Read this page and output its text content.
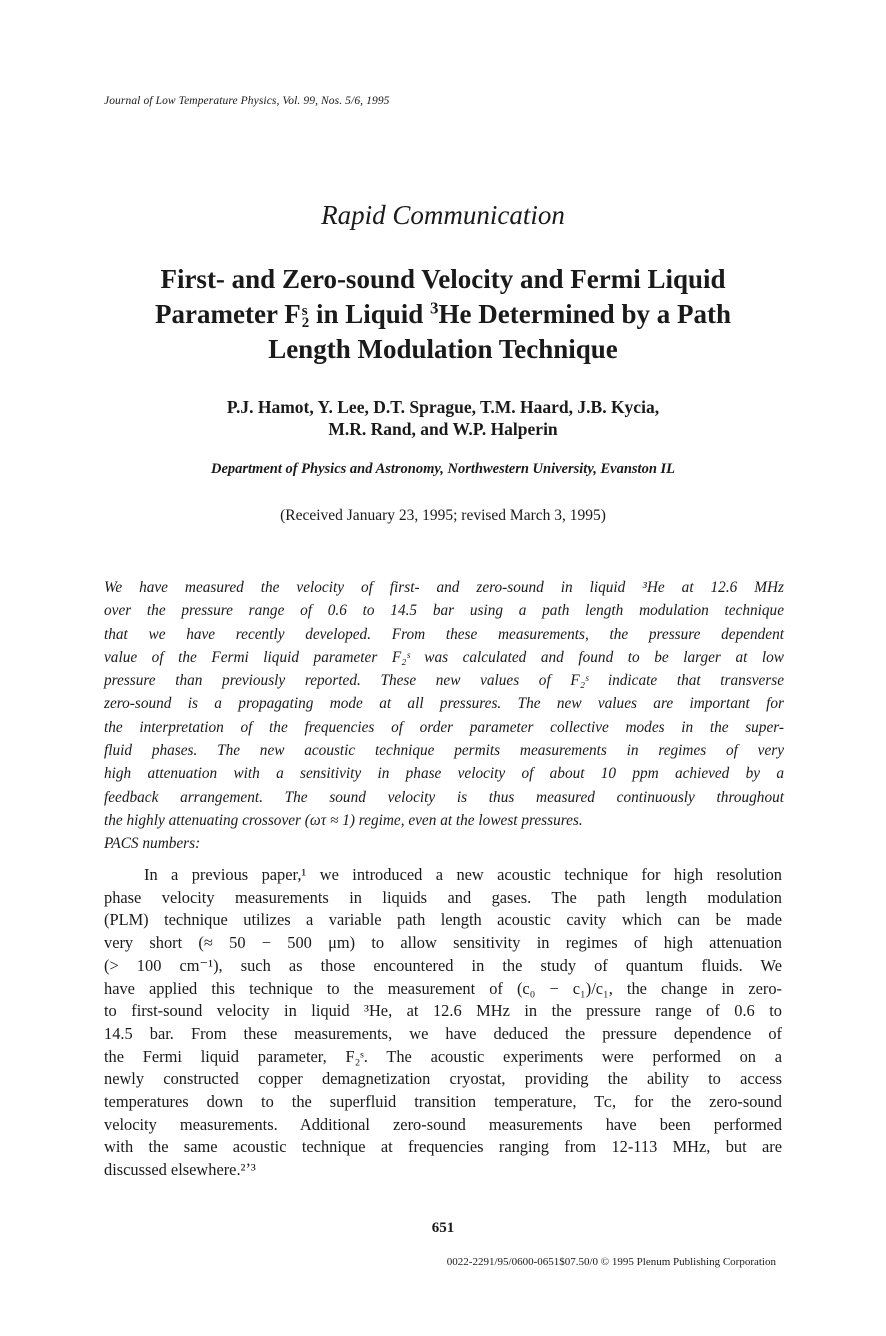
Journal of Low Temperature Physics, Vol. 99, Nos. 5/6, 1995
Rapid Communication
First- and Zero-sound Velocity and Fermi Liquid
Parameter F s
2 in Liquid $^3$He Determined by a Path
Length Modulation Technique
P.J. Hamot, Y. Lee, D.T. Sprague, T.M. Haard, J.B. Kycia,
M.R. Rand, and W.P. Halperin
Department of Physics and Astronomy, Northwestern University, Evanston IL
(Received January 23, 1995; revised March 3, 1995)
We have measured the velocity of first- and zero-sound in liquid ³He at 12.6 MHz
over the pressure range of 0.6 to 14.5 bar using a path length modulation technique
that we have recently developed. From these measurements, the pressure dependent
value of the Fermi liquid parameter F₂ˢ was calculated and found to be larger at low
pressure than previously reported. These new values of F₂ˢ indicate that transverse
zero-sound is a propagating mode at all pressures. The new values are important for
the interpretation of the frequencies of order parameter collective modes in the super-
fluid phases. The new acoustic technique permits measurements in regimes of very
high attenuation with a sensitivity in phase velocity of about 10 ppm achieved by a
feedback arrangement. The sound velocity is thus measured continuously throughout
the highly attenuating crossover (ωτ ≈ 1) regime, even at the lowest pressures.
PACS numbers:
In a previous paper,¹ we introduced a new acoustic technique for high resolution
phase velocity measurements in liquids and gases. The path length modulation
(PLM) technique utilizes a variable path length acoustic cavity which can be made
very short (≈ 50 − 500 μm) to allow sensitivity in regimes of high attenuation
(> 100 cm⁻¹), such as those encountered in the study of quantum fluids. We
have applied this technique to the measurement of (c₀ − c₁)/c₁, the change in zero-
to first-sound velocity in liquid ³He, at 12.6 MHz in the pressure range of 0.6 to
14.5 bar. From these measurements, we have deduced the pressure dependence of
the Fermi liquid parameter, F₂ˢ. The acoustic experiments were performed on a
newly constructed copper demagnetization cryostat, providing the ability to access
temperatures down to the superfluid transition temperature, Tᴄ, for the zero-sound
velocity measurements. Additional zero-sound measurements have been performed
with the same acoustic technique at frequencies ranging from 12-113 MHz, but are
discussed elsewhere.²ʼ³
651
0022-2291/95/0600-0651$07.50/0 © 1995 Plenum Publishing Corporation
